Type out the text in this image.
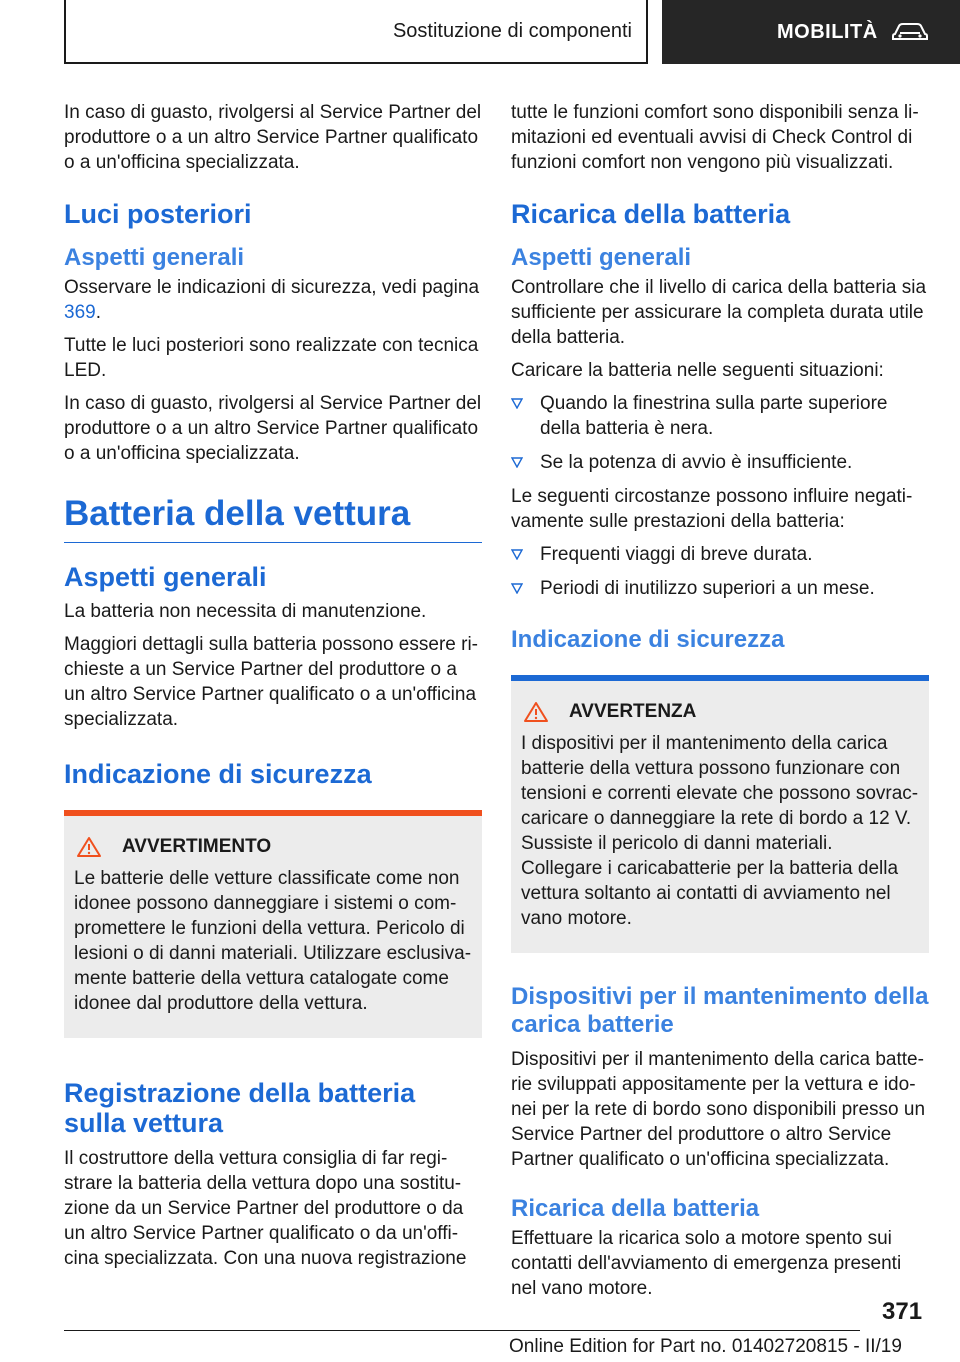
Sostituzione di componenti	MOBILITÀ

In caso di guasto, rivolgersi al Service Partner del produttore o a un altro Service Partner qualificato o a un'officina specializzata.

Luci posteriori
Aspetti generali

Osservare le indicazioni di sicurezza, vedi pagina 369.

Tutte le luci posteriori sono realizzate con tecnica LED.

In caso di guasto, rivolgersi al Service Partner del produttore o a un altro Service Partner qualificato o a un'officina specializzata.

Batteria della vettura
Aspetti generali

La batteria non necessita di manutenzione.

Maggiori dettagli sulla batteria possono essere richieste a un Service Partner del produttore o a un altro Service Partner qualificato o a un'officina specializzata.

Indicazione di sicurezza
AVVERTIMENTO

Le batterie delle vetture classificate come non idonee possono danneggiare i sistemi o compromettere le funzioni della vettura. Pericolo di lesioni o di danni materiali. Utilizzare esclusivamente batterie della vettura catalogate come idonee dal produttore della vettura.

Registrazione della batteria sulla vettura

Il costruttore della vettura consiglia di far registrare la batteria della vettura dopo una sostituzione da un Service Partner del produttore o da un altro Service Partner qualificato o da un'officina specializzata. Con una nuova registrazione

tutte le funzioni comfort sono disponibili senza limitazioni ed eventuali avvisi di Check Control di funzioni comfort non vengono più visualizzati.

Ricarica della batteria
Aspetti generali

Controllare che il livello di carica della batteria sia sufficiente per assicurare la completa durata utile della batteria.

Caricare la batteria nelle seguenti situazioni:

Quando la finestrina sulla parte superiore della batteria è nera.
Se la potenza di avvio è insufficiente.

Le seguenti circostanze possono influire negativamente sulle prestazioni della batteria:

Frequenti viaggi di breve durata.
Periodi di inutilizzo superiori a un mese.
Indicazione di sicurezza
AVVERTENZA

I dispositivi per il mantenimento della carica batterie della vettura possono funzionare con tensioni e correnti elevate che possono sovraccaricare o danneggiare la rete di bordo a 12 V. Sussiste il pericolo di danni materiali. Collegare i caricabatterie per la batteria della vettura soltanto ai contatti di avviamento nel vano motore.

Dispositivi per il mantenimento della carica batterie

Dispositivi per il mantenimento della carica batterie sviluppati appositamente per la vettura e idonei per la rete di bordo sono disponibili presso un Service Partner del produttore o altro Service Partner qualificato o un'officina specializzata.

Ricarica della batteria

Effettuare la ricarica solo a motore spento sui contatti dell'avviamento di emergenza presenti nel vano motore.

371
Online Edition for Part no. 01402720815 - II/19
